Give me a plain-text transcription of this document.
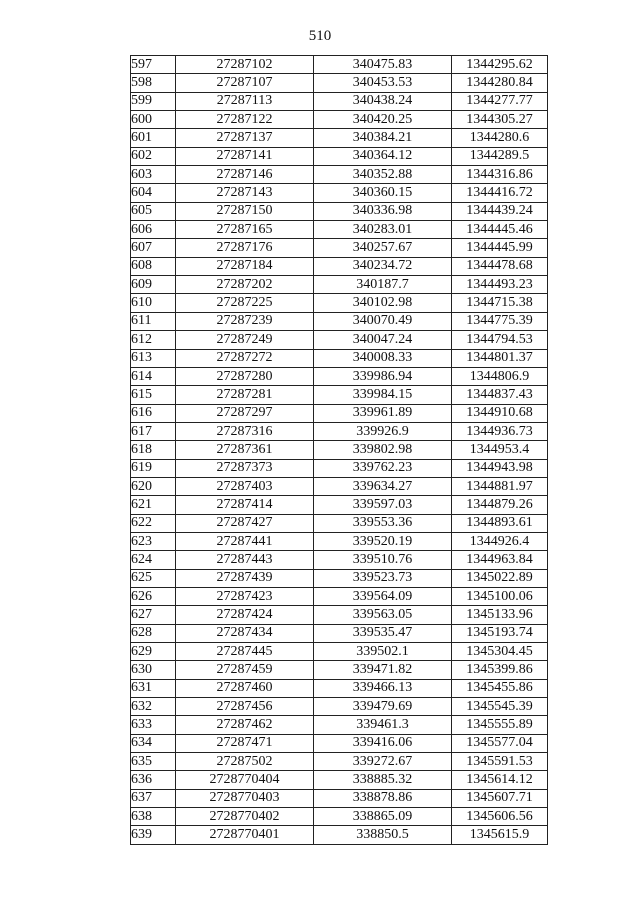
510
597	27287102	340475.83	1344295.62
598	27287107	340453.53	1344280.84
599	27287113	340438.24	1344277.77
600	27287122	340420.25	1344305.27
601	27287137	340384.21	1344280.6
602	27287141	340364.12	1344289.5
603	27287146	340352.88	1344316.86
604	27287143	340360.15	1344416.72
605	27287150	340336.98	1344439.24
606	27287165	340283.01	1344445.46
607	27287176	340257.67	1344445.99
608	27287184	340234.72	1344478.68
609	27287202	340187.7	1344493.23
610	27287225	340102.98	1344715.38
611	27287239	340070.49	1344775.39
612	27287249	340047.24	1344794.53
613	27287272	340008.33	1344801.37
614	27287280	339986.94	1344806.9
615	27287281	339984.15	1344837.43
616	27287297	339961.89	1344910.68
617	27287316	339926.9	1344936.73
618	27287361	339802.98	1344953.4
619	27287373	339762.23	1344943.98
620	27287403	339634.27	1344881.97
621	27287414	339597.03	1344879.26
622	27287427	339553.36	1344893.61
623	27287441	339520.19	1344926.4
624	27287443	339510.76	1344963.84
625	27287439	339523.73	1345022.89
626	27287423	339564.09	1345100.06
627	27287424	339563.05	1345133.96
628	27287434	339535.47	1345193.74
629	27287445	339502.1	1345304.45
630	27287459	339471.82	1345399.86
631	27287460	339466.13	1345455.86
632	27287456	339479.69	1345545.39
633	27287462	339461.3	1345555.89
634	27287471	339416.06	1345577.04
635	27287502	339272.67	1345591.53
636	2728770404	338885.32	1345614.12
637	2728770403	338878.86	1345607.71
638	2728770402	338865.09	1345606.56
639	2728770401	338850.5	1345615.9
